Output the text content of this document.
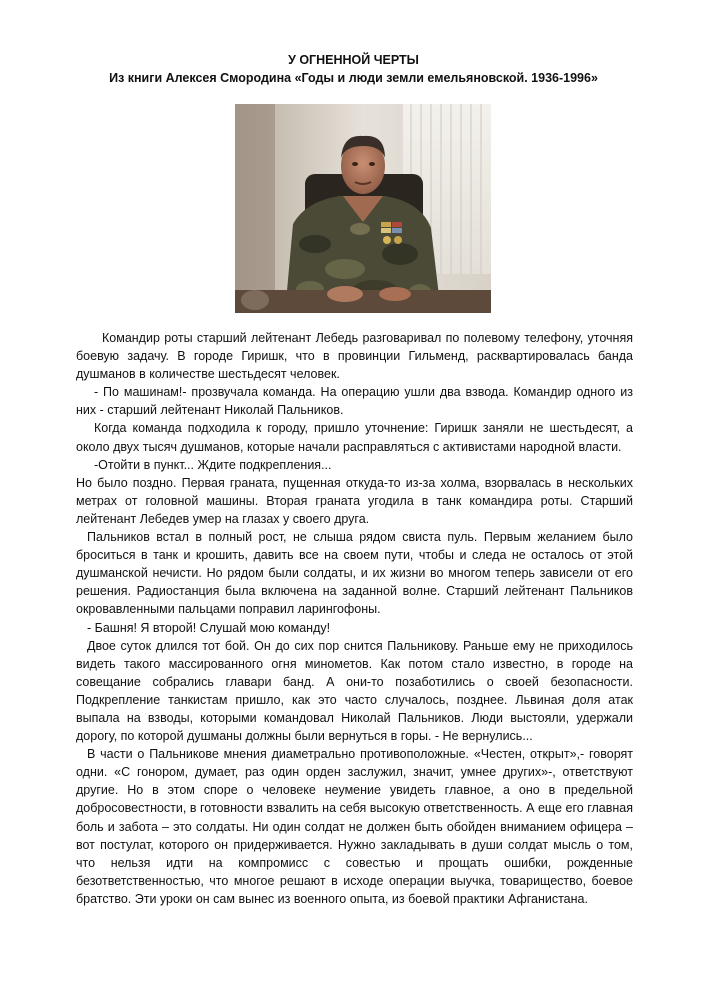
У ОГНЕННОЙ ЧЕРТЫ
Из книги Алексея Смородина «Годы и люди земли емельяновской. 1936-1996»

Командир роты старший лейтенант Лебедь разговаривал по полевому телефону, уточняя боевую задачу. В городе Гиришк, что в провинции Гильменд, расквартировалась банда душманов в количестве шестьдесят человек.

- По машинам!- прозвучала команда. На операцию ушли два взвода. Командир одного из них - старший лейтенант Николай Пальников.

Когда команда подходила к городу, пришло уточнение: Гиришк заняли не шестьдесят, а около двух тысяч душманов, которые начали расправляться с активистами народной власти.

-Отойти в пункт... Ждите подкрепления...

Но было поздно. Первая граната, пущенная откуда-то из-за холма, взорвалась в нескольких метрах от головной машины. Вторая граната угодила в танк командира роты. Старший лейтенант Лебедев умер на глазах у своего друга.

Пальников встал в полный рост, не слыша рядом свиста пуль. Первым желанием было броситься в танк и крошить, давить все на своем пути, чтобы и следа не осталось от этой душманской нечисти. Но рядом были солдаты, и их жизни во многом теперь зависели от его решения. Радиостанция была включена на заданной волне. Старший лейтенант Пальников окровавленными пальцами поправил ларингофоны.

- Башня! Я второй! Слушай мою команду!

Двое суток длился тот бой. Он до сих пор снится Пальникову. Раньше ему не приходилось видеть такого массированного огня минометов. Как потом стало известно, в городе на совещание собрались главари банд. А они-то позаботились о своей безопасности. Подкрепление танкистам пришло, как это часто случалось, позднее. Львиная доля атак выпала на взводы, которыми командовал Николай Пальников. Люди выстояли, удержали дорогу, по которой душманы должны были вернуться в горы. - Не вернулись...

В части о Пальникове мнения диаметрально противоположные. «Честен, открыт»,- говорят одни. «С гонором, думает, раз один орден заслужил, значит, умнее других»-, ответствуют другие. Но в этом споре о человеке неумение увидеть главное, а оно в предельной добросовестности, в готовности взвалить на себя высокую ответственность. А еще его главная боль и забота – это солдаты. Ни один солдат не должен быть обойден вниманием офицера – вот постулат, которого он придерживается. Нужно закладывать в души солдат мысль о том, что нельзя идти на компромисс с совестью и прощать ошибки, рожденные безответственностью, что многое решают в исходе операции выучка, товарищество, боевое братство. Эти уроки он сам вынес из военного опыта, из боевой практики Афганистана.
